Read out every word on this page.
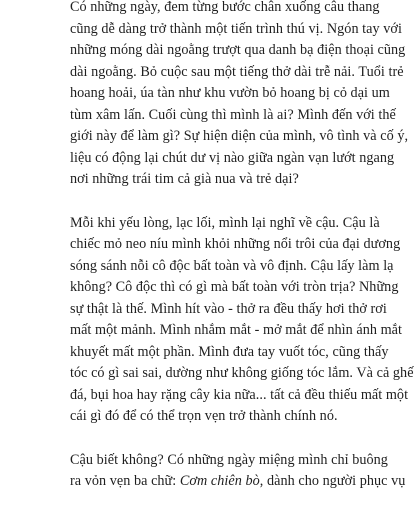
Có những ngày, đem từng bước chân xuống câu thang
cũng dễ dàng trở thành một tiến trình thú vị. Ngón tay với
những móng dài ngoằng trượt qua danh bạ điện thoại cũng
dài ngoằng. Bỏ cuộc sau một tiếng thở dài trễ nải. Tuổi trẻ
hoang hoải, úa tàn như khu vườn bỏ hoang bị cỏ dại um
tùm xâm lấn. Cuối cùng thì mình là ai? Mình đến với thế
giới này để làm gì? Sự hiện diện của mình, vô tình và cố ý,
liệu có động lại chút dư vị nào giữa ngàn vạn lướt ngang
nơi những trái tim cả già nua và trẻ dại?
Mỗi khi yếu lòng, lạc lối, mình lại nghĩ về cậu. Cậu là
chiếc mỏ neo níu mình khỏi những nổi trôi của đại dương
sóng sánh nỗi cô độc bất toàn và vô định. Cậu lấy làm lạ
không? Cô độc thì có gì mà bất toàn với tròn trịa? Những
sự thật là thế. Mình hít vào - thở ra đều thấy hơi thở rơi
mất một mảnh. Mình nhắm mắt - mở mắt để nhìn ánh mắt
khuyết mất một phần. Mình đưa tay vuốt tóc, cũng thấy
tóc có gì sai sai, dường như không giống tóc lắm. Và cả ghế
đá, bụi hoa hay rặng cây kia nữa... tất cả đều thiếu mất một
cái gì đó để có thể trọn vẹn trở thành chính nó.
Cậu biết không? Có những ngày miệng mình chỉ buông
ra vỏn vẹn ba chữ: Cơm chiên bò, dành cho người phục vụ
